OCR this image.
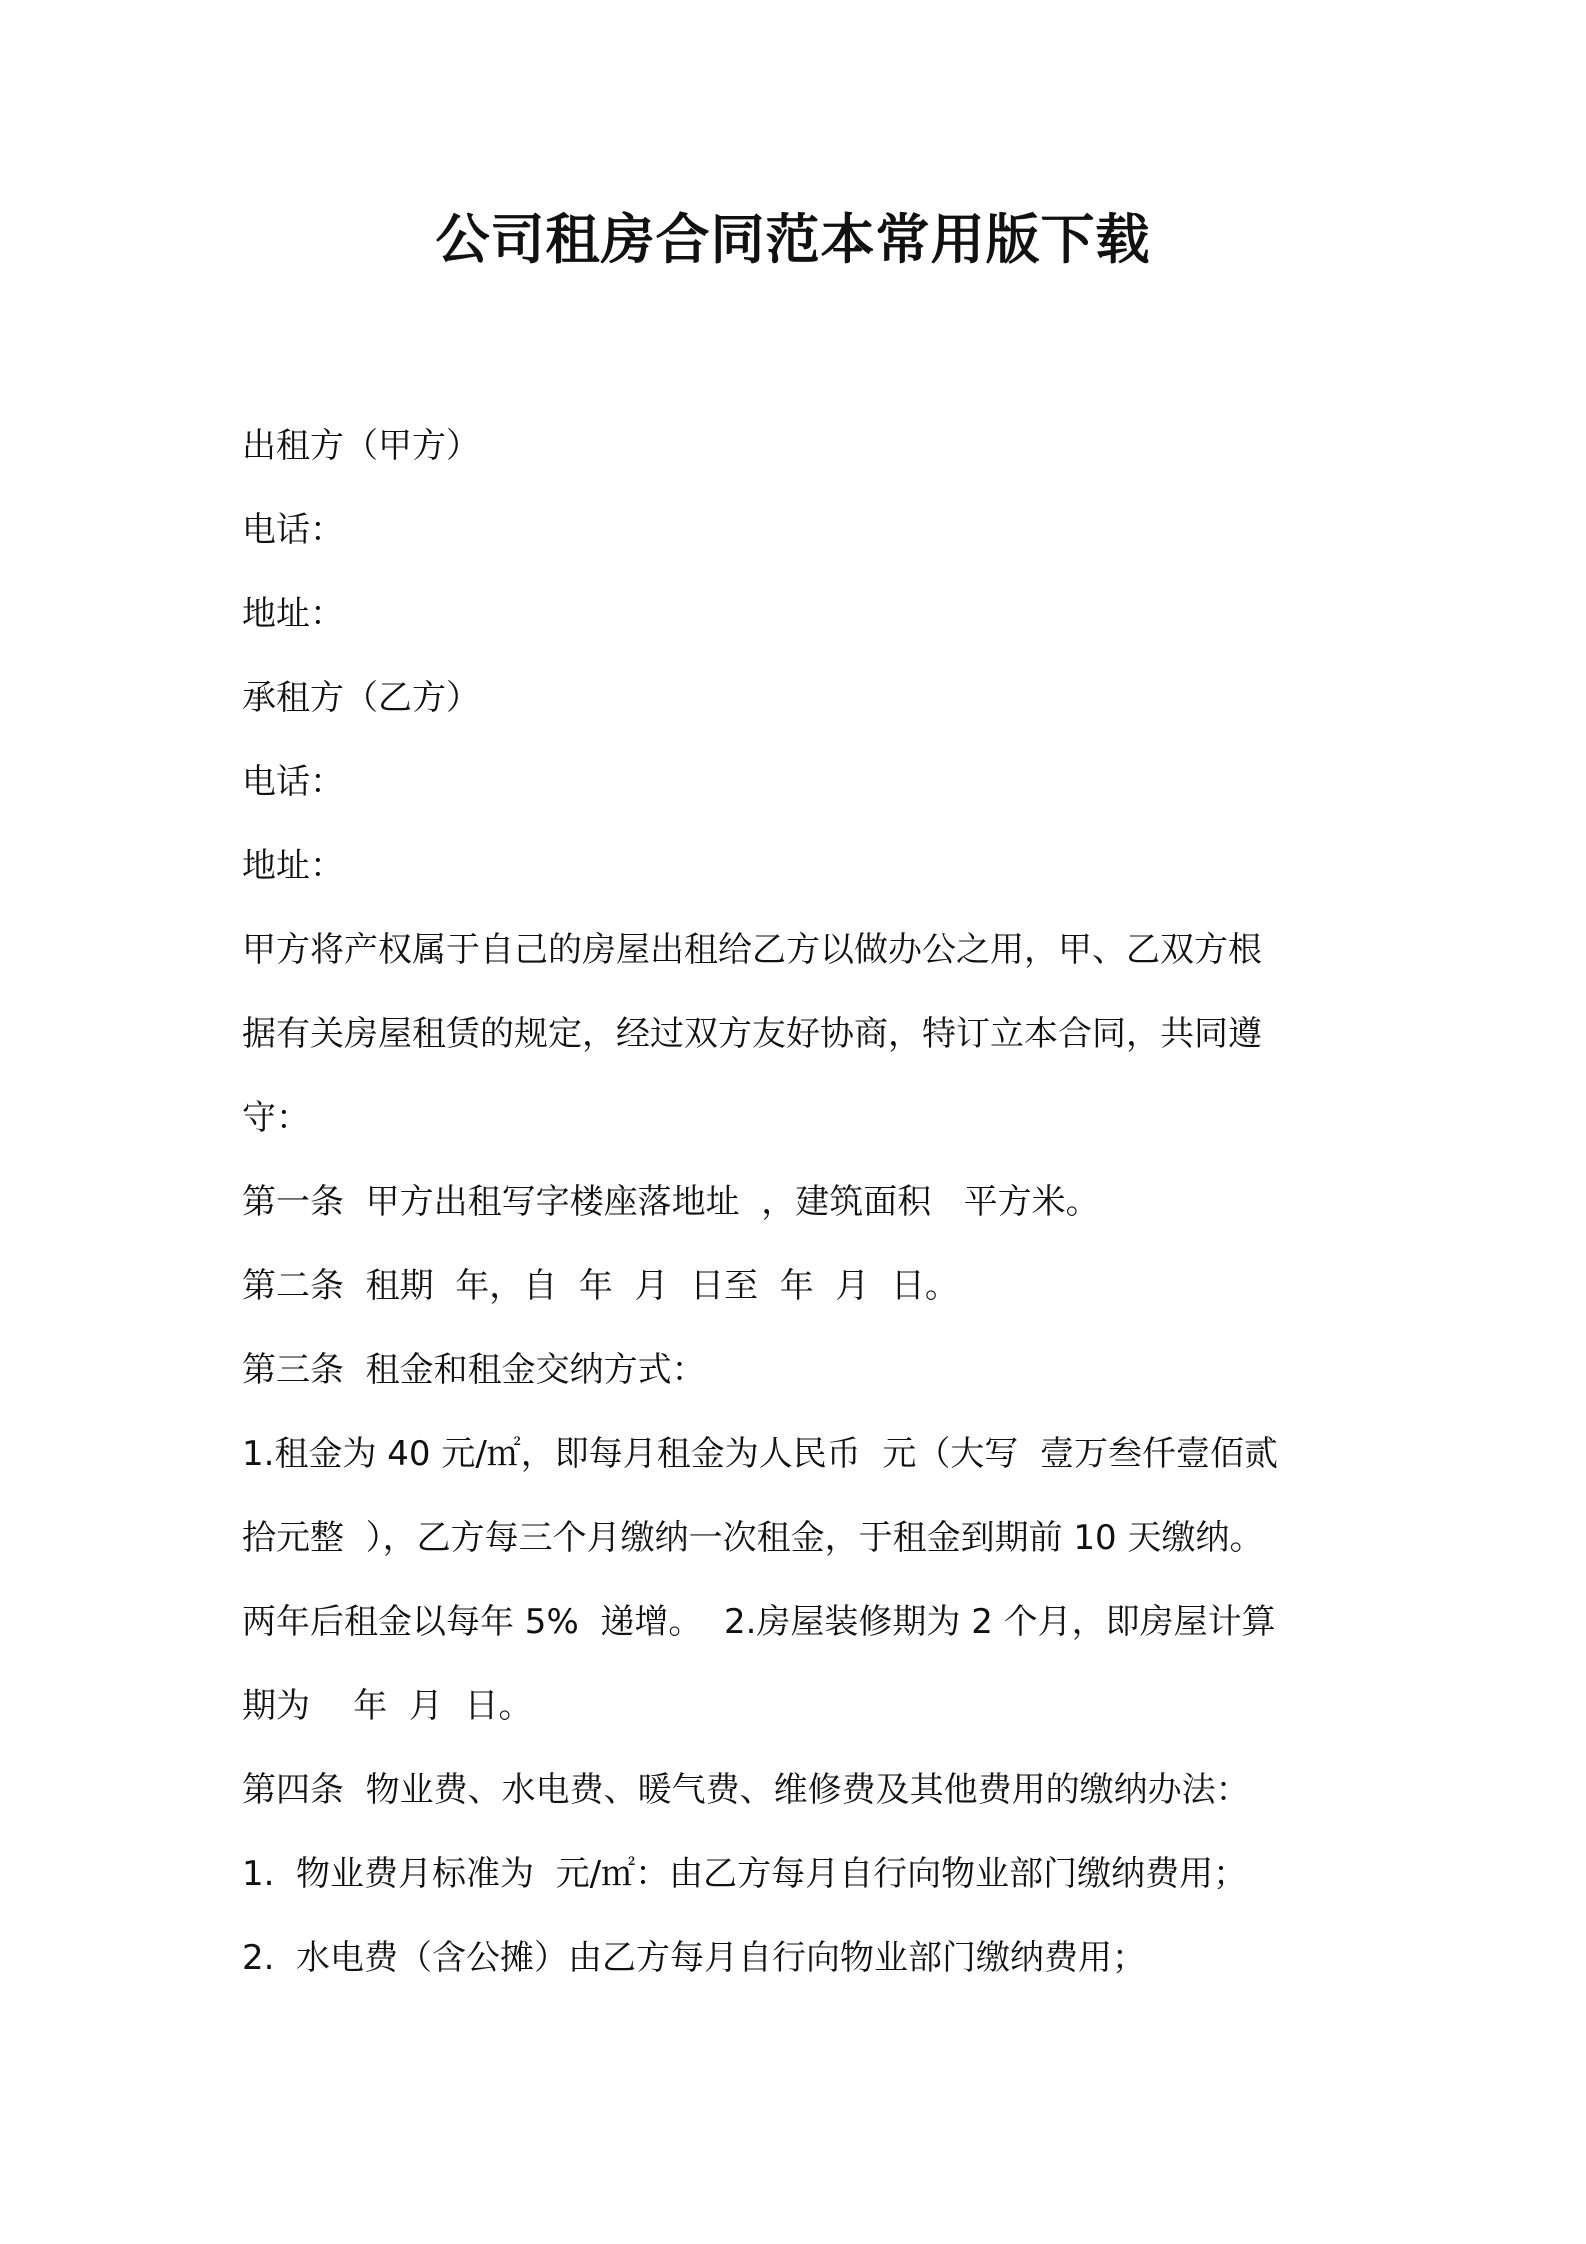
公司租房合同范本常用版下载

出租方（甲方）

电话：

地址：

承租方（乙方）

电话：

地址：

甲方将产权属于自己的房屋出租给乙方以做办公之用，甲、乙双方根

据有关房屋租赁的规定，经过双方友好协商，特订立本合同，共同遵

守：

第一条  甲方出租写字楼座落地址  ，建筑面积   平方米。

第二条  租期  年，自  年  月  日至  年  月  日。

第三条  租金和租金交纳方式：

1.租金为 40 元/㎡，即每月租金为人民币  元（大写  壹万叁仟壹佰贰

拾元整  ），乙方每三个月缴纳一次租金，于租金到期前 10 天缴纳。

两年后租金以每年 5%  递增。  2.房屋装修期为 2 个月，即房屋计算

期为    年  月  日。

第四条  物业费、水电费、暖气费、维修费及其他费用的缴纳办法：

1.  物业费月标准为  元/㎡：由乙方每月自行向物业部门缴纳费用；

2.  水电费（含公摊）由乙方每月自行向物业部门缴纳费用；
